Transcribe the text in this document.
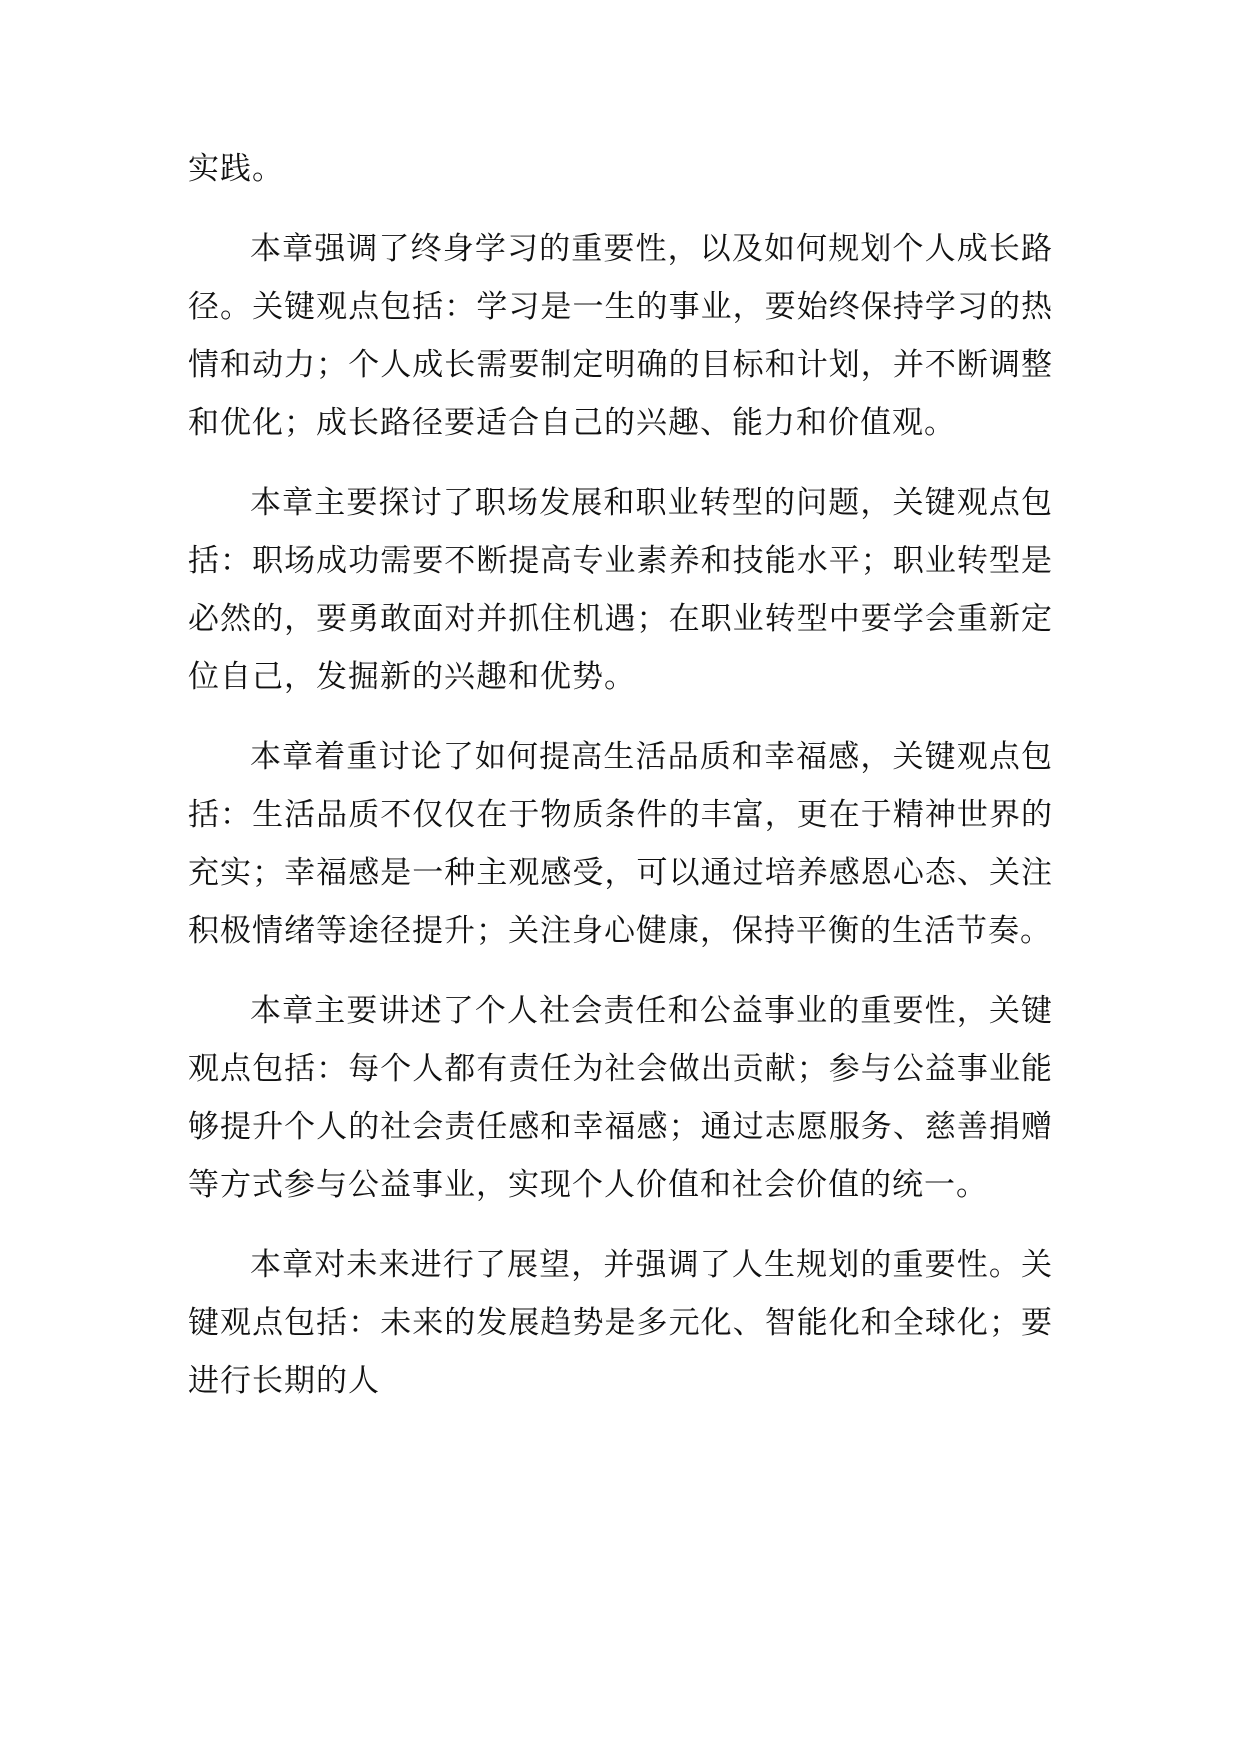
实践。

本章强调了终身学习的重要性，以及如何规划个人成长路径。关键观点包括：学习是一生的事业，要始终保持学习的热情和动力；个人成长需要制定明确的目标和计划，并不断调整和优化；成长路径要适合自己的兴趣、能力和价值观。

本章主要探讨了职场发展和职业转型的问题，关键观点包括：职场成功需要不断提高专业素养和技能水平；职业转型是必然的，要勇敢面对并抓住机遇；在职业转型中要学会重新定位自己，发掘新的兴趣和优势。

本章着重讨论了如何提高生活品质和幸福感，关键观点包括：生活品质不仅仅在于物质条件的丰富，更在于精神世界的充实；幸福感是一种主观感受，可以通过培养感恩心态、关注积极情绪等途径提升；关注身心健康，保持平衡的生活节奏。

本章主要讲述了个人社会责任和公益事业的重要性，关键观点包括：每个人都有责任为社会做出贡献；参与公益事业能够提升个人的社会责任感和幸福感；通过志愿服务、慈善捐赠等方式参与公益事业，实现个人价值和社会价值的统一。

本章对未来进行了展望，并强调了人生规划的重要性。关键观点包括：未来的发展趋势是多元化、智能化和全球化；要进行长期的人
